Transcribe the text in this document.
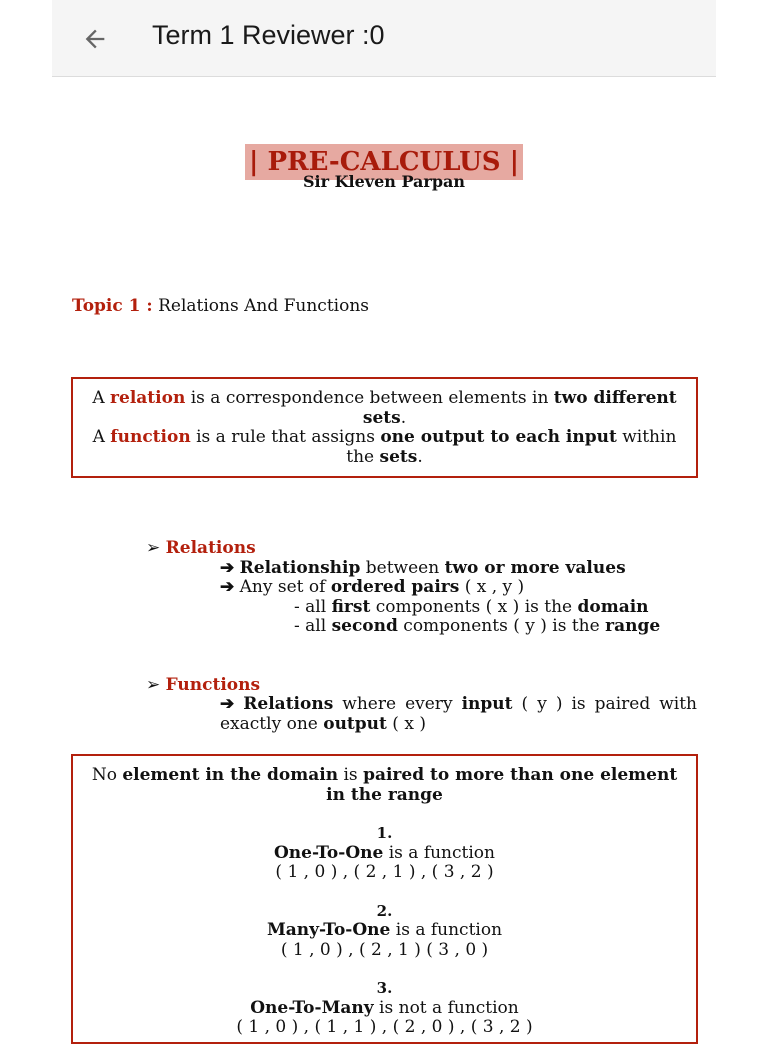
| PRE-CALCULUS |
Sir Kleven Parpan
Topic 1 : Relations And Functions
A relation is a correspondence between elements in two different sets.
A function is a rule that assigns one output to each input within the sets.
➢ Relations
➔ Relationship between two or more values
➔ Any set of ordered pairs ( x , y )
- all first components ( x ) is the domain
- all second components ( y ) is the range
➢ Functions
➔ Relations where every input ( y ) is paired with exactly one output ( x )
No element in the domain is paired to more than one element in the range
1.
One-To-One is a function
( 1 , 0 ) , ( 2 , 1 ) , ( 3 , 2 )
2.
Many-To-One is a function
( 1 , 0 ) , ( 2 , 1 ) ( 3 , 0 )
3.
One-To-Many is not a function
( 1 , 0 ) , ( 1 , 1 ) , ( 2 , 0 ) , ( 3 , 2 )
Term 1 Reviewer :0
